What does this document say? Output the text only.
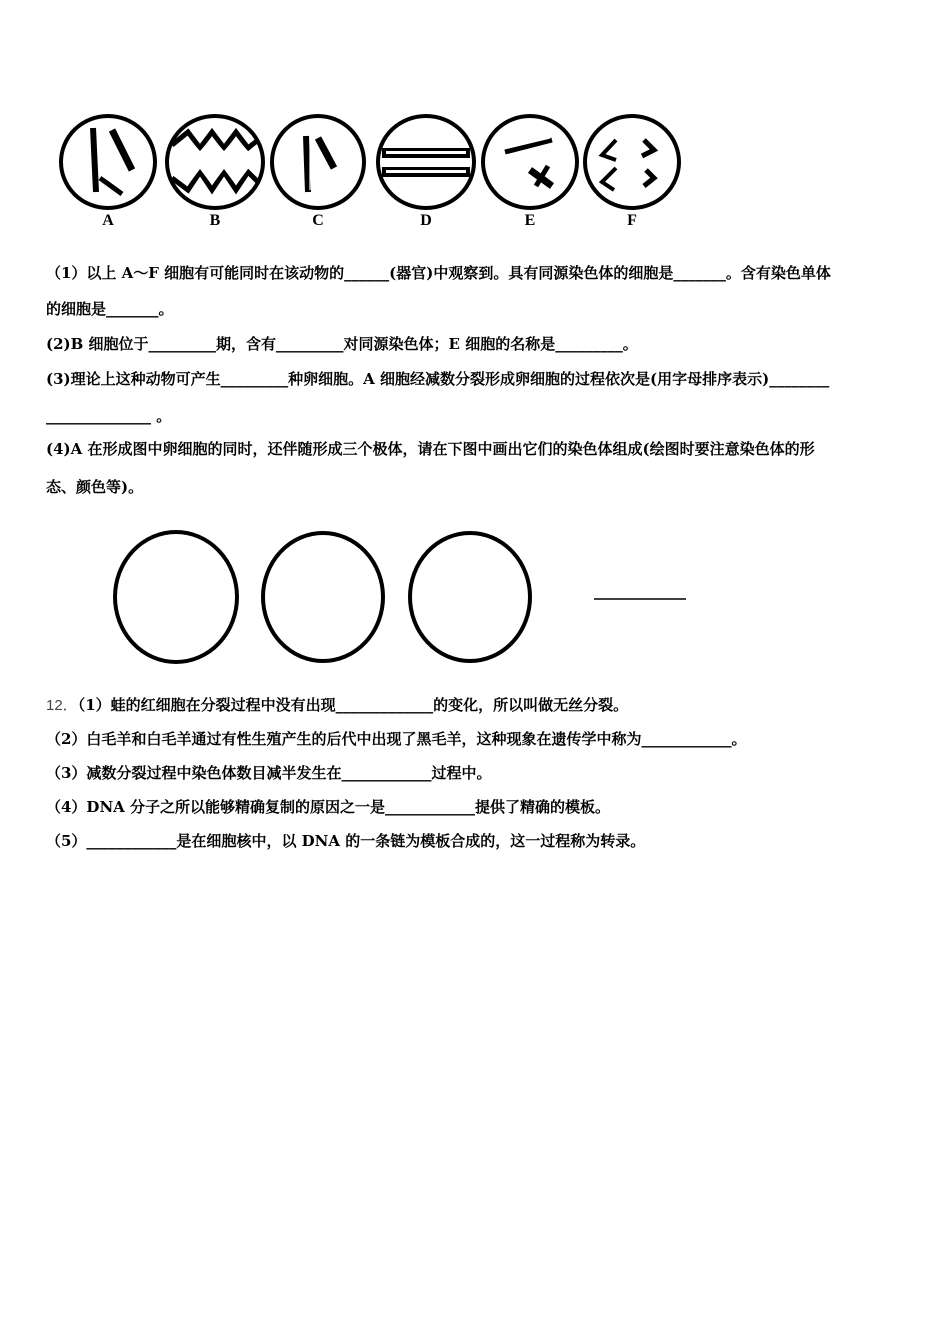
A	B	C	D	E	F
（1）以上 A～F 细胞有可能同时在该动物的______(器官)中观察到。具有同源染色体的细胞是_______。含有染色单体
的细胞是_______。
(2)B 细胞位于_________期，含有_________对同源染色体；E 细胞的名称是_________。
(3)理论上这种动物可产生_________种卵细胞。A 细胞经减数分裂形成卵细胞的过程依次是(用字母排序表示)________
______________ 。
(4)A 在形成图中卵细胞的同时，还伴随形成三个极体，请在下图中画出它们的染色体组成(绘图时要注意染色体的形
态、颜色等)。
12．（1）蛙的红细胞在分裂过程中没有出现_____________的变化，所以叫做无丝分裂。
（2）白毛羊和白毛羊通过有性生殖产生的后代中出现了黑毛羊，这种现象在遗传学中称为____________。
（3）减数分裂过程中染色体数目减半发生在____________过程中。
（4）DNA 分子之所以能够精确复制的原因之一是____________提供了精确的模板。
（5）____________是在细胞核中，以 DNA 的一条链为模板合成的，这一过程称为转录。
